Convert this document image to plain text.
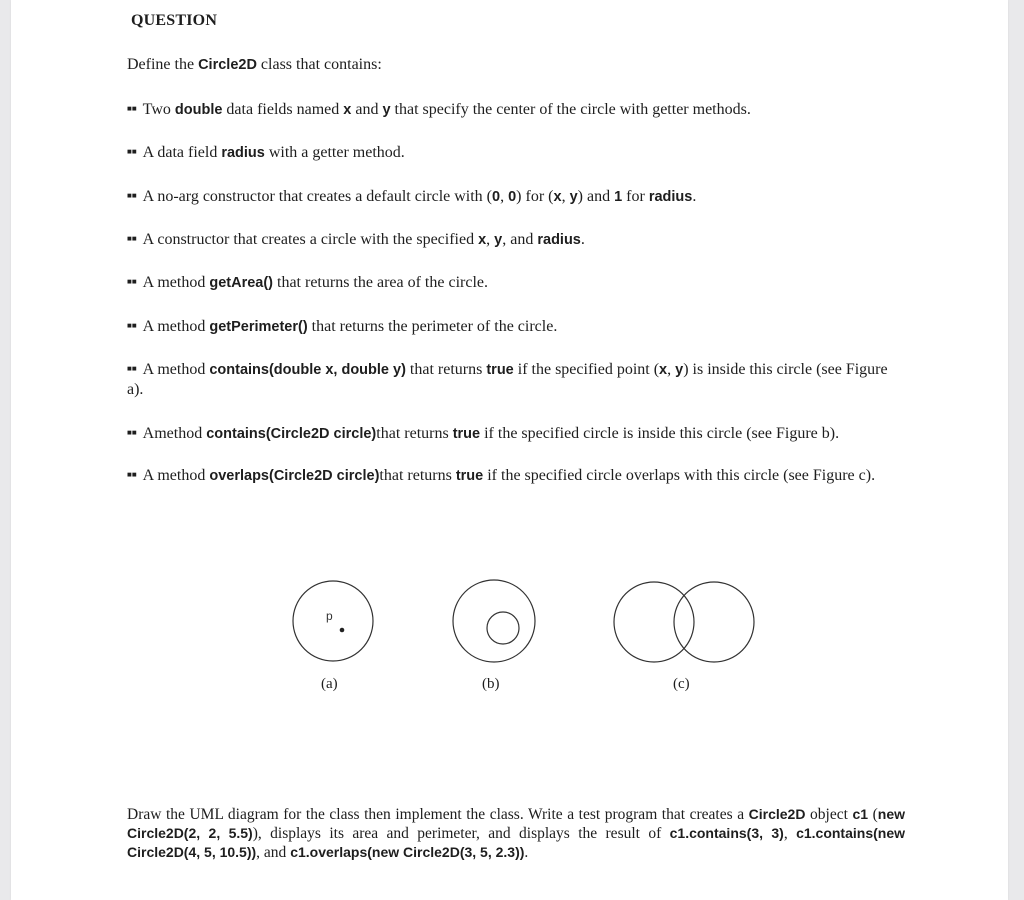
QUESTION
Define the Circle2D class that contains:
■■ Two double data fields named x and y that specify the center of the circle with getter methods.
■■ A data field radius with a getter method.
■■ A no-arg constructor that creates a default circle with (0, 0) for (x, y) and 1 for radius.
■■ A constructor that creates a circle with the specified x, y, and radius.
■■ A method getArea() that returns the area of the circle.
■■ A method getPerimeter() that returns the perimeter of the circle.
■■ A method contains(double x, double y) that returns true if the specified point (x, y) is inside this circle (see Figure a).
■■ Amethod contains(Circle2D circle)that returns true if the specified circle is inside this circle (see Figure b).
■■ A method overlaps(Circle2D circle)that returns true if the specified circle overlaps with this circle (see Figure c).
p
(a)	(b)	(c)
Draw the UML diagram for the class then implement the class. Write a test program that creates a Circle2D object c1 (new Circle2D(2, 2, 5.5)), displays its area and perimeter, and displays the result of c1.contains(3, 3), c1.contains(new Circle2D(4, 5, 10.5)), and c1.overlaps(new Circle2D(3, 5, 2.3)).
